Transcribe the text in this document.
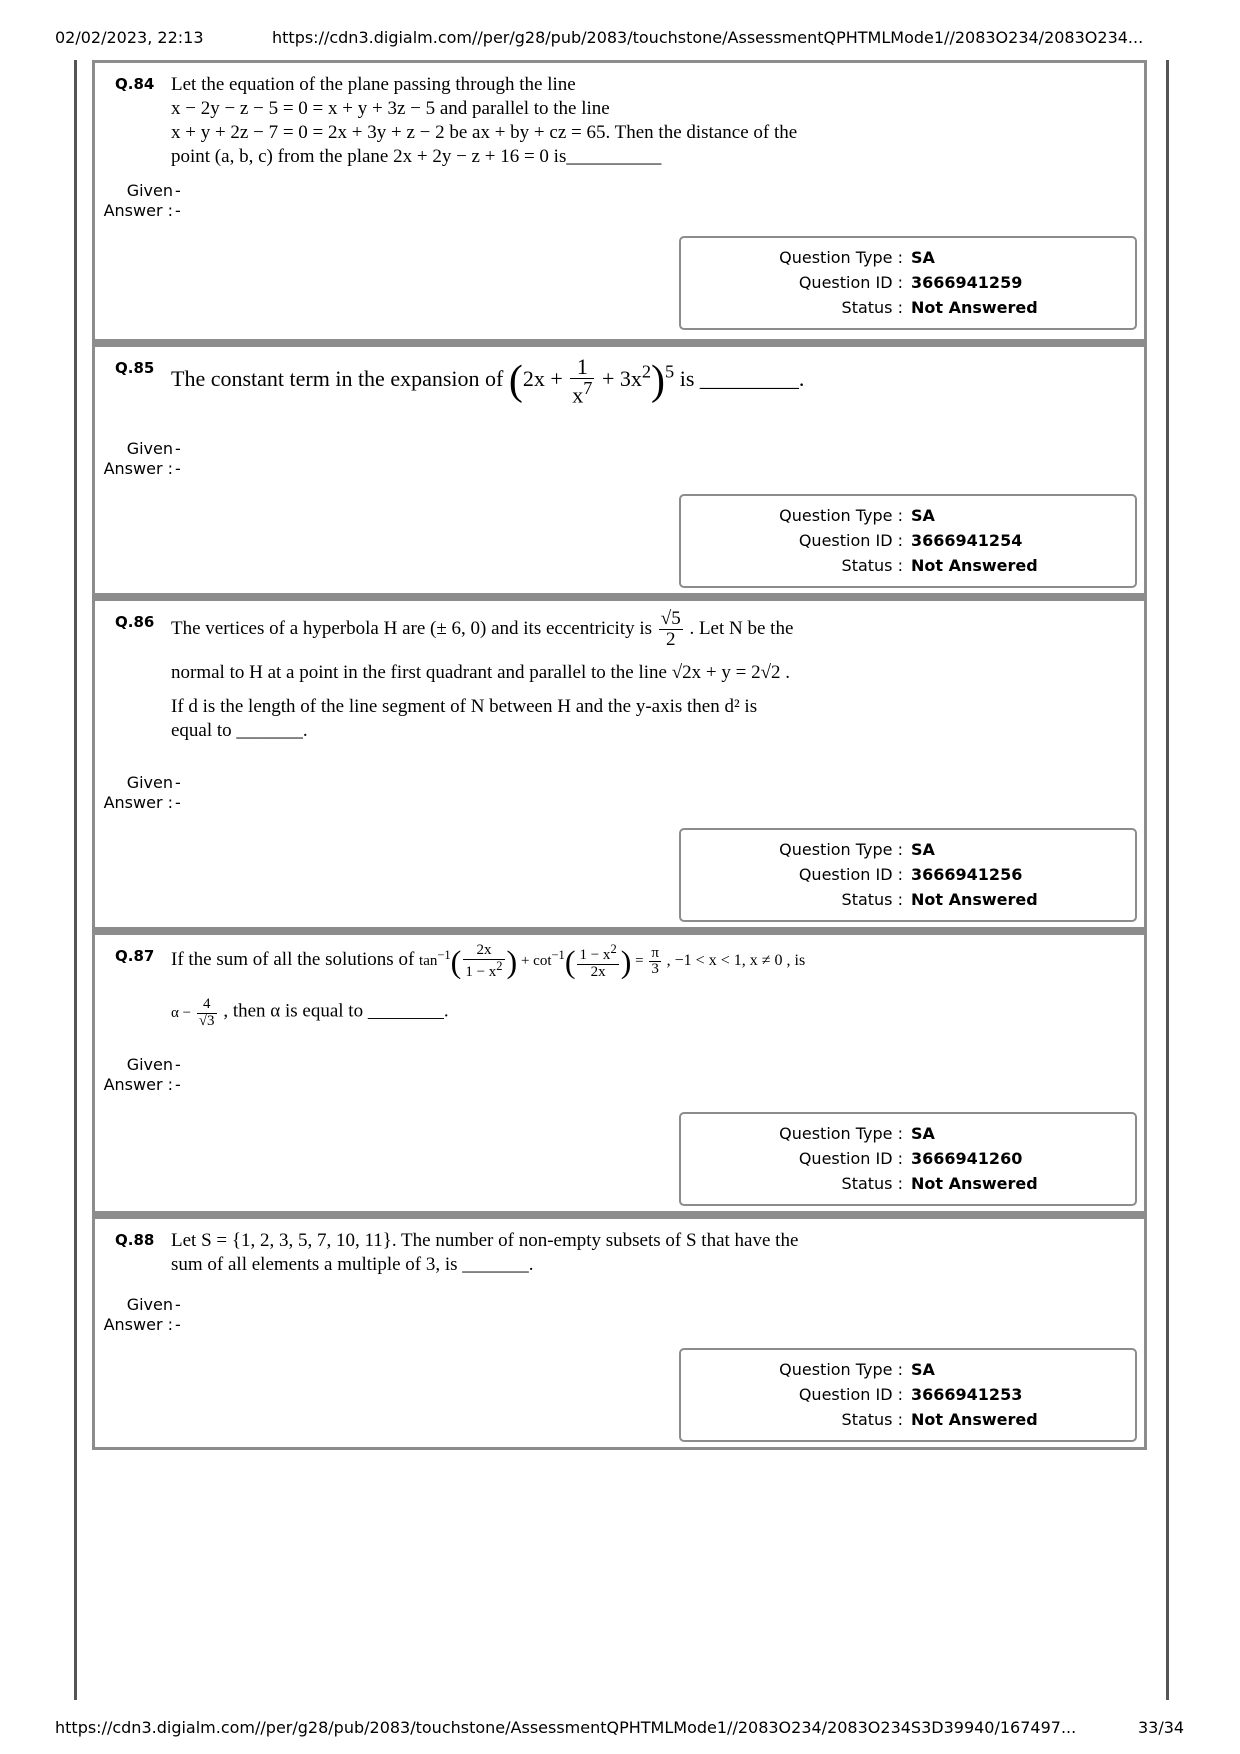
02/02/2023, 22:13	https://cdn3.digialm.com//per/g28/pub/2083/touchstone/AssessmentQPHTMLMode1//2083O234/2083O234...
Q.84 Let the equation of the plane passing through the line
x − 2y − z − 5 = 0 = x + y + 3z − 5 and parallel to the line
x + y + 2z − 7 = 0 = 2x + 3y + z − 2 be ax + by + cz = 65. Then the distance of the
point (a, b, c) from the plane 2x + 2y − z + 16 = 0 is__________
Given --
Answer :
Question Type : SA
Question ID : 3666941259
Status : Not Answered
Q.85 The constant term in the expansion of $(2x + \frac{1}{x^7} + 3x^2)^5$ is _________.
Given --
Answer :
Question Type : SA
Question ID : 3666941254
Status : Not Answered
Q.86 The vertices of a hyperbola H are (± 6, 0) and its eccentricity is $\frac{√5}{2}$ . Let N be the
normal to H at a point in the first quadrant and parallel to the line √2x + y = 2√2 .
If d is the length of the line segment of N between H and the y-axis then d² is
equal to _______.
Given --
Answer :
Question Type : SA
Question ID : 3666941256
Status : Not Answered
Q.87 If the sum of all the solutions of $\tan^{-1}( \frac{2x}{1 - x^2}$ ) + $\cot^{-1}( \frac{1 - x^2}{2x}$ ) = $\frac{\pi}{3}$ , −1 < x < 1, x ≠ 0 , is
$\alpha - \frac{4}{√3}$ , then α is equal to ________.
Given --
Answer :
Question Type : SA
Question ID : 3666941260
Status : Not Answered
Q.88 Let S = {1, 2, 3, 5, 7, 10, 11}. The number of non-empty subsets of S that have the
sum of all elements a multiple of 3, is _______.
Given --
Answer :
Question Type : SA
Question ID : 3666941253
Status : Not Answered
https://cdn3.digialm.com//per/g28/pub/2083/touchstone/AssessmentQPHTMLMode1//2083O234/2083O234S3D39940/167497...	33/34
